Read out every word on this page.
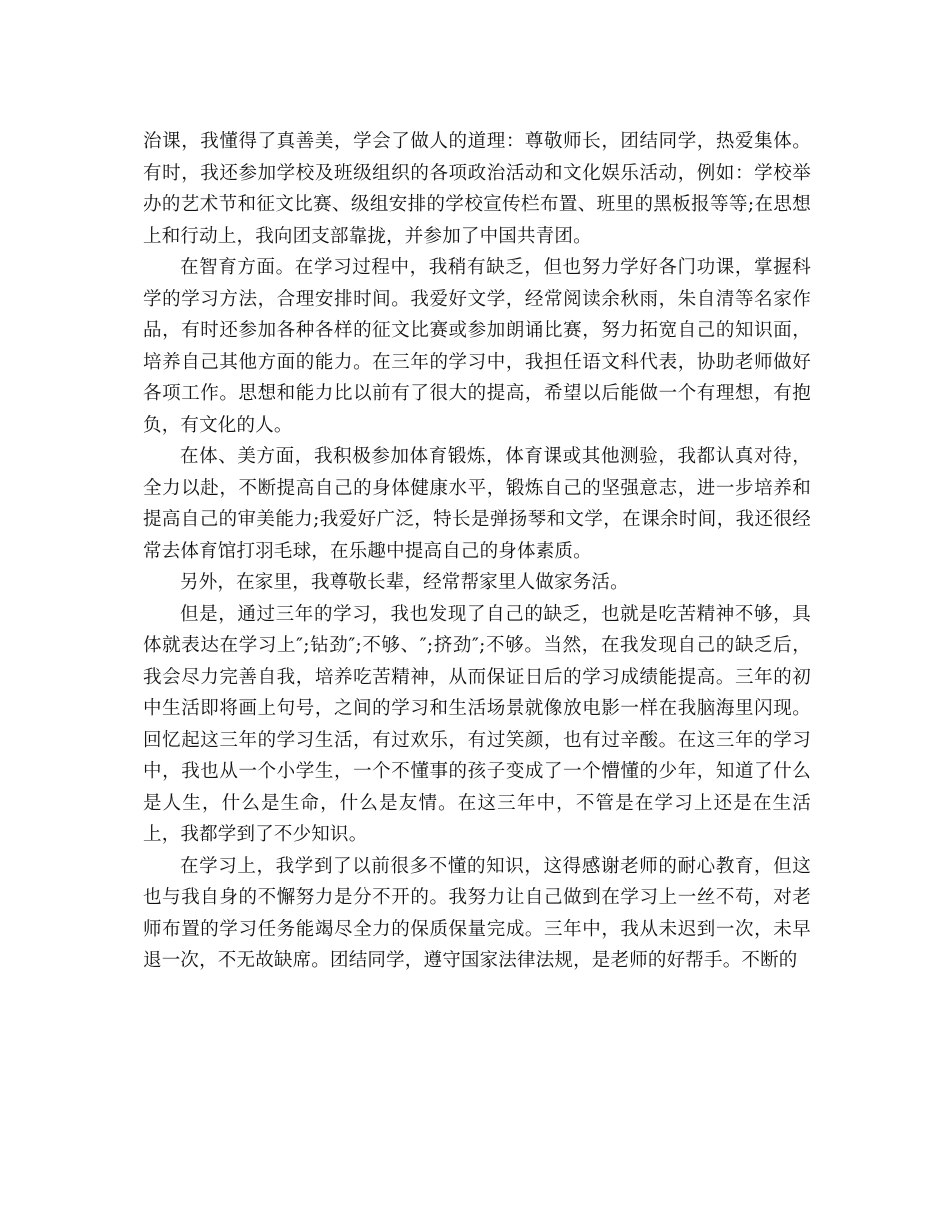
治课，我懂得了真善美，学会了做人的道理：尊敬师长，团结同学，热爱集体。有时，我还参加学校及班级组织的各项政治活动和文化娱乐活动，例如：学校举办的艺术节和征文比赛、级组安排的学校宣传栏布置、班里的黑板报等等;在思想上和行动上，我向团支部靠拢，并参加了中国共青团。

在智育方面。在学习过程中，我稍有缺乏，但也努力学好各门功课，掌握科学的学习方法，合理安排时间。我爱好文学，经常阅读余秋雨，朱自清等名家作品，有时还参加各种各样的征文比赛或参加朗诵比赛，努力拓宽自己的知识面，培养自己其他方面的能力。在三年的学习中，我担任语文科代表，协助老师做好各项工作。思想和能力比以前有了很大的提高，希望以后能做一个有理想，有抱负，有文化的人。

在体、美方面，我积极参加体育锻炼，体育课或其他测验，我都认真对待，全力以赴，不断提高自己的身体健康水平，锻炼自己的坚强意志，进一步培养和提高自己的审美能力;我爱好广泛，特长是弹扬琴和文学，在课余时间，我还很经常去体育馆打羽毛球，在乐趣中提高自己的身体素质。

另外，在家里，我尊敬长辈，经常帮家里人做家务活。

但是，通过三年的学习，我也发现了自己的缺乏，也就是吃苦精神不够，具体就表达在学习上″;钻劲″;不够、″;挤劲″;不够。当然，在我发现自己的缺乏后，我会尽力完善自我，培养吃苦精神，从而保证日后的学习成绩能提高。三年的初中生活即将画上句号，之间的学习和生活场景就像放电影一样在我脑海里闪现。回忆起这三年的学习生活，有过欢乐，有过笑颜，也有过辛酸。在这三年的学习中，我也从一个小学生，一个不懂事的孩子变成了一个懵懂的少年，知道了什么是人生，什么是生命，什么是友情。在这三年中，不管是在学习上还是在生活上，我都学到了不少知识。

在学习上，我学到了以前很多不懂的知识，这得感谢老师的耐心教育，但这也与我自身的不懈努力是分不开的。我努力让自己做到在学习上一丝不苟，对老师布置的学习任务能竭尽全力的保质保量完成。三年中，我从未迟到一次，未早退一次，不无故缺席。团结同学，遵守国家法律法规，是老师的好帮手。不断的
